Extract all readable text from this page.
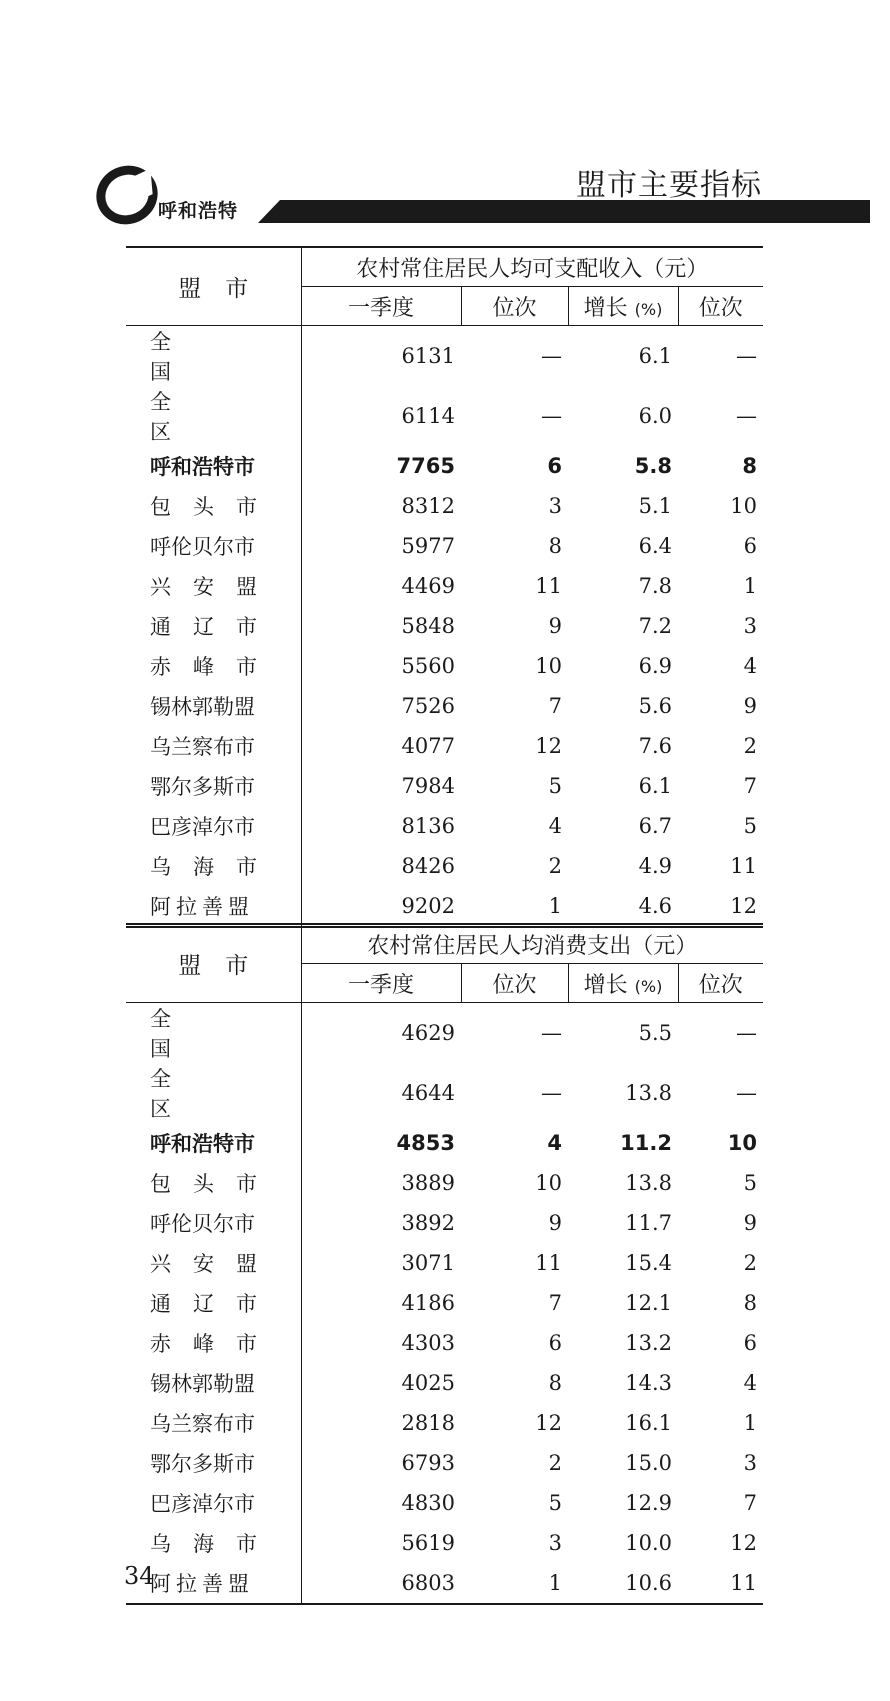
呼和浩特
盟市主要指标
盟市	农村常住居民人均可支配收入（元）			
	一季度	位次	增长 (%)	位次
全国	6131	—	6.1	—
全区	6114	—	6.0	—
呼和浩特市	7765	6	5.8	8
包头市	8312	3	5.1	10
呼伦贝尔市	5977	8	6.4	6
兴安盟	4469	11	7.8	1
通辽市	5848	9	7.2	3
赤峰市	5560	10	6.9	4
锡林郭勒盟	7526	7	5.6	9
乌兰察布市	4077	12	7.6	2
鄂尔多斯市	7984	5	6.1	7
巴彦淖尔市	8136	4	6.7	5
乌海市	8426	2	4.9	11
阿拉善盟	9202	1	4.6	12
盟市	农村常住居民人均消费支出（元）			
	一季度	位次	增长 (%)	位次
全国	4629	—	5.5	—
全区	4644	—	13.8	—
呼和浩特市	4853	4	11.2	10
包头市	3889	10	13.8	5
呼伦贝尔市	3892	9	11.7	9
兴安盟	3071	11	15.4	2
通辽市	4186	7	12.1	8
赤峰市	4303	6	13.2	6
锡林郭勒盟	4025	8	14.3	4
乌兰察布市	2818	12	16.1	1
鄂尔多斯市	6793	2	15.0	3
巴彦淖尔市	4830	5	12.9	7
乌海市	5619	3	10.0	12
阿拉善盟	6803	1	10.6	11
34
